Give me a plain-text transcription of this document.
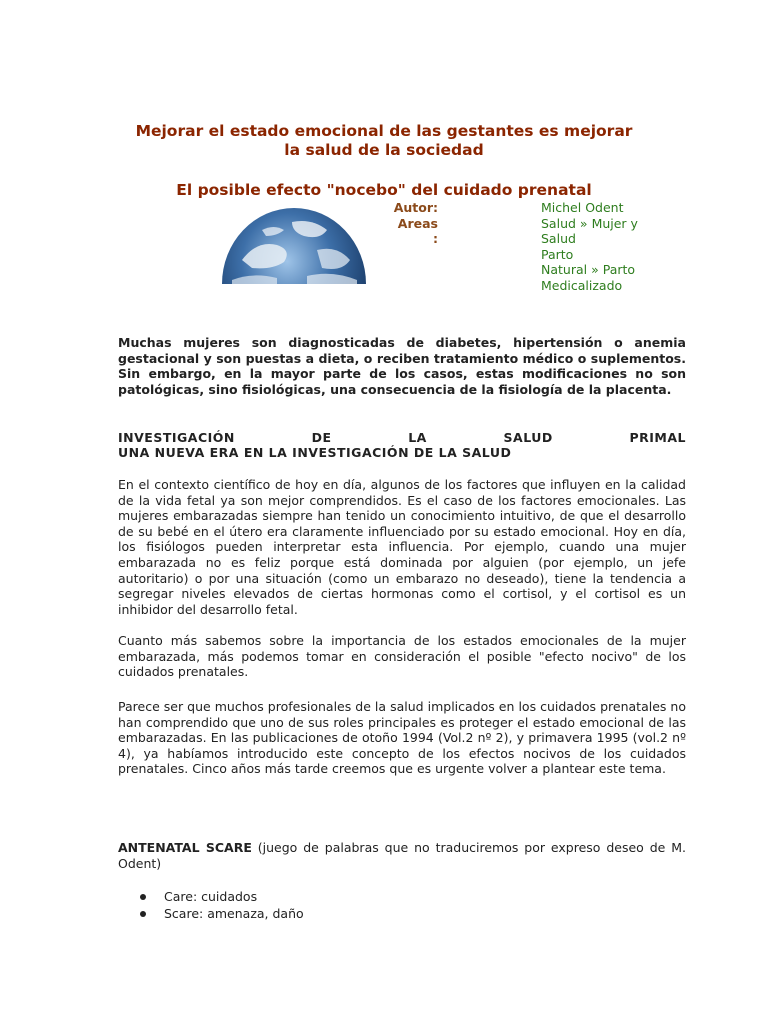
Mejorar el estado emocional de las gestantes es mejorar
la salud de la sociedad
El posible efecto "nocebo" del cuidado prenatal
Autor:
Areas
:
Michel Odent
Salud » Mujer y
Salud
Parto
Natural » Parto
Medicalizado

Muchas mujeres son diagnosticadas de diabetes, hipertensión o anemia gestacional y son puestas a dieta, o reciben tratamiento médico o suplementos. Sin embargo, en la mayor parte de los casos, estas modificaciones no son patológicas, sino fisiológicas, una consecuencia de la fisiología de la placenta.

INVESTIGACIÓN DE LA SALUD PRIMAL

UNA NUEVA ERA EN LA INVESTIGACIÓN DE LA SALUD

En el contexto científico de hoy en día, algunos de los factores que influyen en la calidad de la vida fetal ya son mejor comprendidos. Es el caso de los factores emocionales. Las mujeres embarazadas siempre han tenido un conocimiento intuitivo, de que el desarrollo de su bebé en el útero era claramente influenciado por su estado emocional. Hoy en día, los fisiólogos pueden interpretar esta influencia. Por ejemplo, cuando una mujer embarazada no es feliz porque está dominada por alguien (por ejemplo, un jefe autoritario) o por una situación (como un embarazo no deseado), tiene la tendencia a segregar niveles elevados de ciertas hormonas como el cortisol, y el cortisol es un inhibidor del desarrollo fetal.

Cuanto más sabemos sobre la importancia de los estados emocionales de la mujer embarazada, más podemos tomar en consideración el posible "efecto nocivo" de los cuidados prenatales.

Parece ser que muchos profesionales de la salud implicados en los cuidados prenatales no han comprendido que uno de sus roles principales es proteger el estado emocional de las embarazadas. En las publicaciones de otoño 1994 (Vol.2 nº 2), y primavera 1995 (vol.2 nº 4), ya habíamos introducido este concepto de los efectos nocivos de los cuidados prenatales. Cinco años más tarde creemos que es urgente volver a plantear este tema.

ANTENATAL SCARE (juego de palabras que no traduciremos por expreso deseo de M. Odent)

Care: cuidados
Scare: amenaza, daño
